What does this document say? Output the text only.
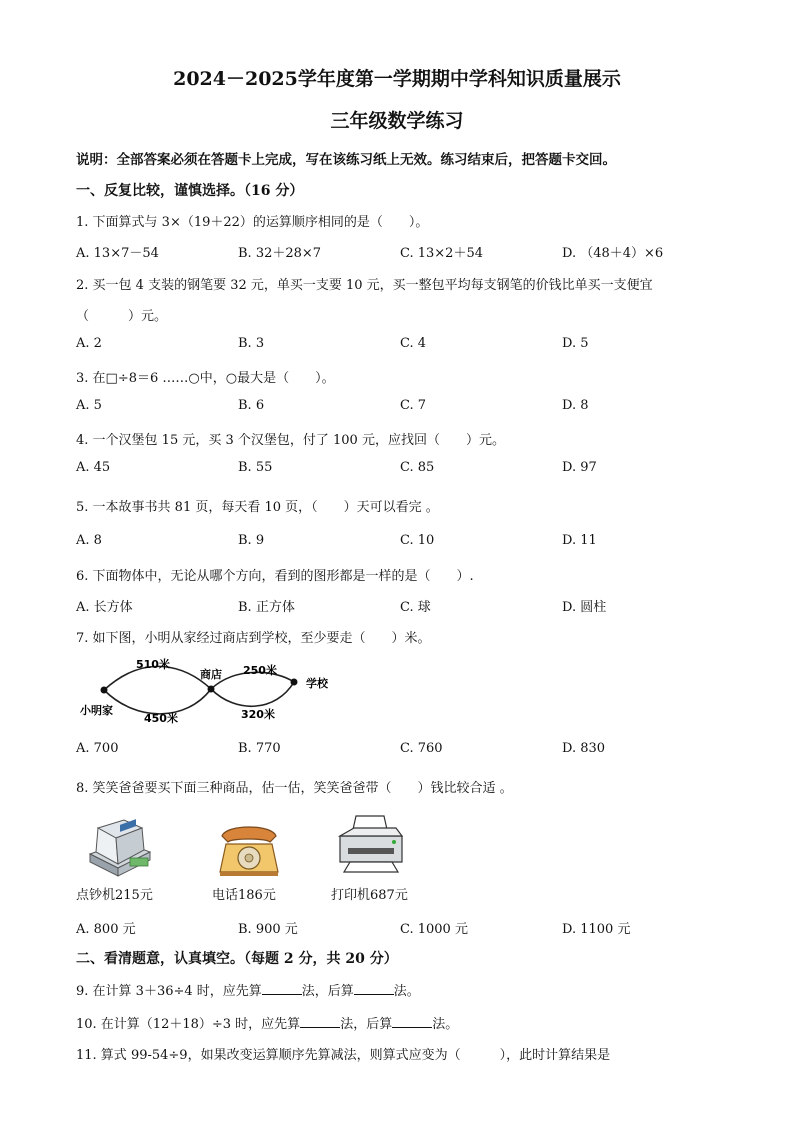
2024－2025学年度第一学期期中学科知识质量展示
三年级数学练习
说明：全部答案必须在答题卡上完成，写在该练习纸上无效。练习结束后，把答题卡交回。
一、反复比较，谨慎选择。（16 分）
1. 下面算式与 3×（19＋22）的运算顺序相同的是（　　）。
A. 13×7－54	B. 32＋28×7	C. 13×2＋54	D. （48＋4）×6
2. 买一包 4 支装的钢笔要 32 元，单买一支要 10 元，买一整包平均每支钢笔的价钱比单买一支便宜
（　　　）元。
A. 2	B. 3	C. 4	D. 5
3. 在□÷8＝6 ……○中，○最大是（　　）。
A. 5	B. 6	C. 7	D. 8
4. 一个汉堡包 15 元，买 3 个汉堡包，付了 100 元，应找回（　　）元。
A. 45	B. 55	C. 85	D. 97
5. 一本故事书共 81 页，每天看 10 页，（　　）天可以看完 。
A. 8	B. 9	C. 10	D. 11
6. 下面物体中，无论从哪个方向，看到的图形都是一样的是（　　）.
A. 长方体	B. 正方体	C. 球	D. 圆柱
7. 如下图，小明从家经过商店到学校，至少要走（　　）米。
小明家
商店
学校
510米
450米
250米
320米
A. 700	B. 770	C. 760	D. 830
8. 笑笑爸爸要买下面三种商品，估一估，笑笑爸爸带（　　）钱比较合适 。
点钞机215元	电话186元	打印机687元
A. 800 元	B. 900 元	C. 1000 元	D. 1100 元
二、看清题意，认真填空。（每题 2 分，共 20 分）
9. 在计算 3＋36÷4 时，应先算	法，后算	法。
10. 在计算（12＋18）÷3 时，应先算	法，后算	法。
11. 算式 99-54÷9，如果改变运算顺序先算减法，则算式应变为（　　　），此时计算结果是
